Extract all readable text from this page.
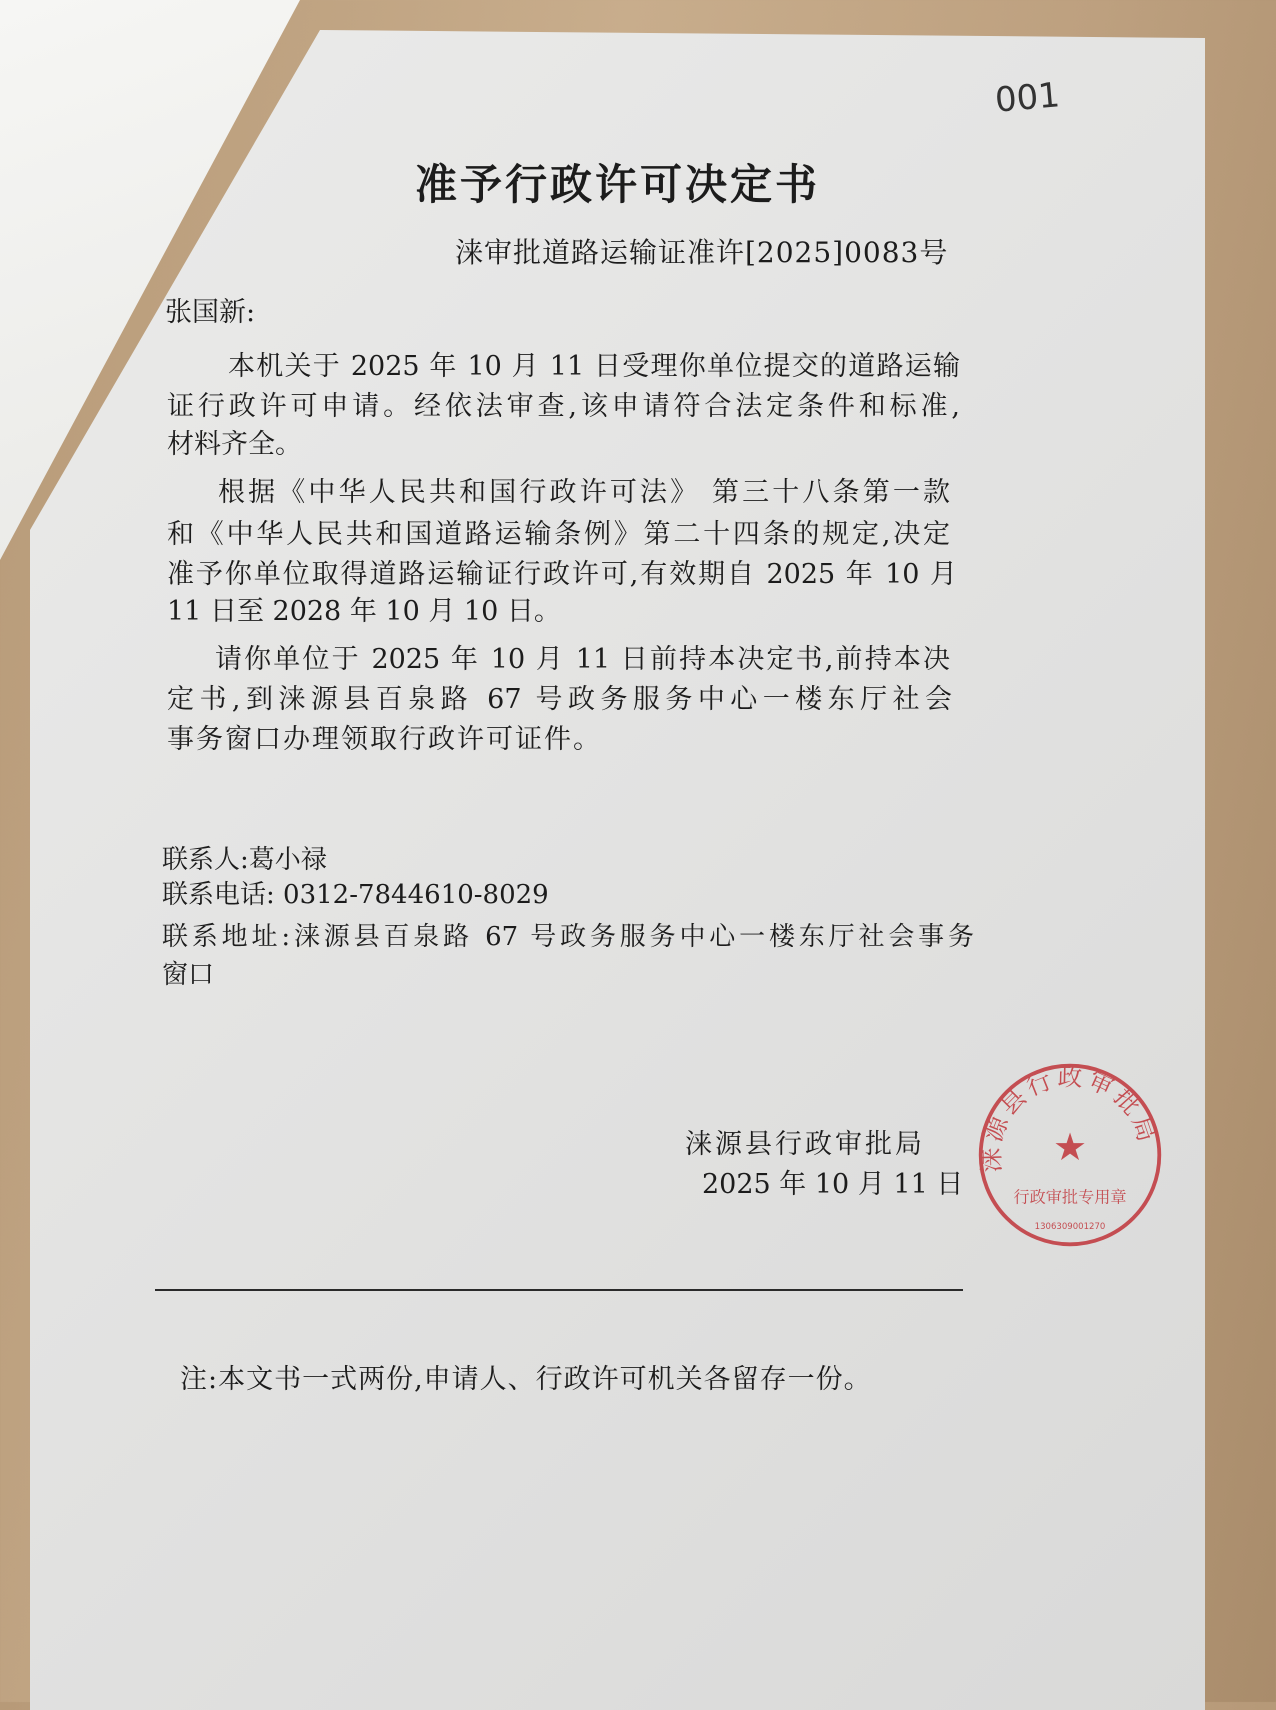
001
准予行政许可决定书
涞审批道路运输证准许[2025]0083号
张国新:
本机关于 2025 年 10 月 11 日受理你单位提交的道路运输
证行政许可申请。经依法审查,该申请符合法定条件和标准,
材料齐全。
根据《中华人民共和国行政许可法》 第三十八条第一款
和《中华人民共和国道路运输条例》第二十四条的规定,决定
准予你单位取得道路运输证行政许可,有效期自 2025 年 10 月
11 日至 2028 年 10 月 10 日。
请你单位于 2025 年 10 月 11 日前持本决定书,前持本决
定书,到涞源县百泉路 67 号政务服务中心一楼东厅社会
事务窗口办理领取行政许可证件。
联系人:葛小禄
联系电话: 0312-7844610-8029
联系地址:涞源县百泉路 67 号政务服务中心一楼东厅社会事务
窗口
涞源县行政审批局
2025 年 10 月 11 日
涞源县行政审批局
★
行政审批专用章
1306309001270
注:本文书一式两份,申请人、行政许可机关各留存一份。
